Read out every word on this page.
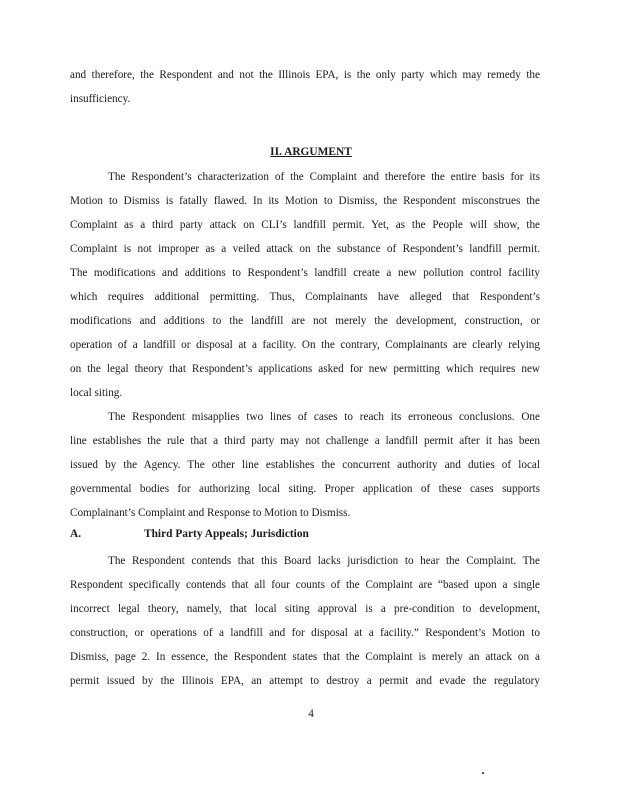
and therefore, the Respondent and not the Illinois EPA, is the only party which may remedy the
insufficiency.
II. ARGUMENT
The Respondent’s characterization of the Complaint and therefore the entire basis for its
Motion to Dismiss is fatally flawed. In its Motion to Dismiss, the Respondent misconstrues the
Complaint as a third party attack on CLI’s landfill permit. Yet, as the People will show, the
Complaint is not improper as a veiled attack on the substance of Respondent’s landfill permit.
The modifications and additions to Respondent’s landfill create a new pollution control facility
which requires additional permitting. Thus, Complainants have alleged that Respondent’s
modifications and additions to the landfill are not merely the development, construction, or
operation of a landfill or disposal at a facility. On the contrary, Complainants are clearly relying
on the legal theory that Respondent’s applications asked for new permitting which requires new
local siting.
The Respondent misapplies two lines of cases to reach its erroneous conclusions. One
line establishes the rule that a third party may not challenge a landfill permit after it has been
issued by the Agency. The other line establishes the concurrent authority and duties of local
governmental bodies for authorizing local siting. Proper application of these cases supports
Complainant’s Complaint and Response to Motion to Dismiss.
A.	Third Party Appeals; Jurisdiction
The Respondent contends that this Board lacks jurisdiction to hear the Complaint. The
Respondent specifically contends that all four counts of the Complaint are “based upon a single
incorrect legal theory, namely, that local siting approval is a pre-condition to development,
construction, or operations of a landfill and for disposal at a facility.” Respondent’s Motion to
Dismiss, page 2. In essence, the Respondent states that the Complaint is merely an attack on a
permit issued by the Illinois EPA, an attempt to destroy a permit and evade the regulatory
4
